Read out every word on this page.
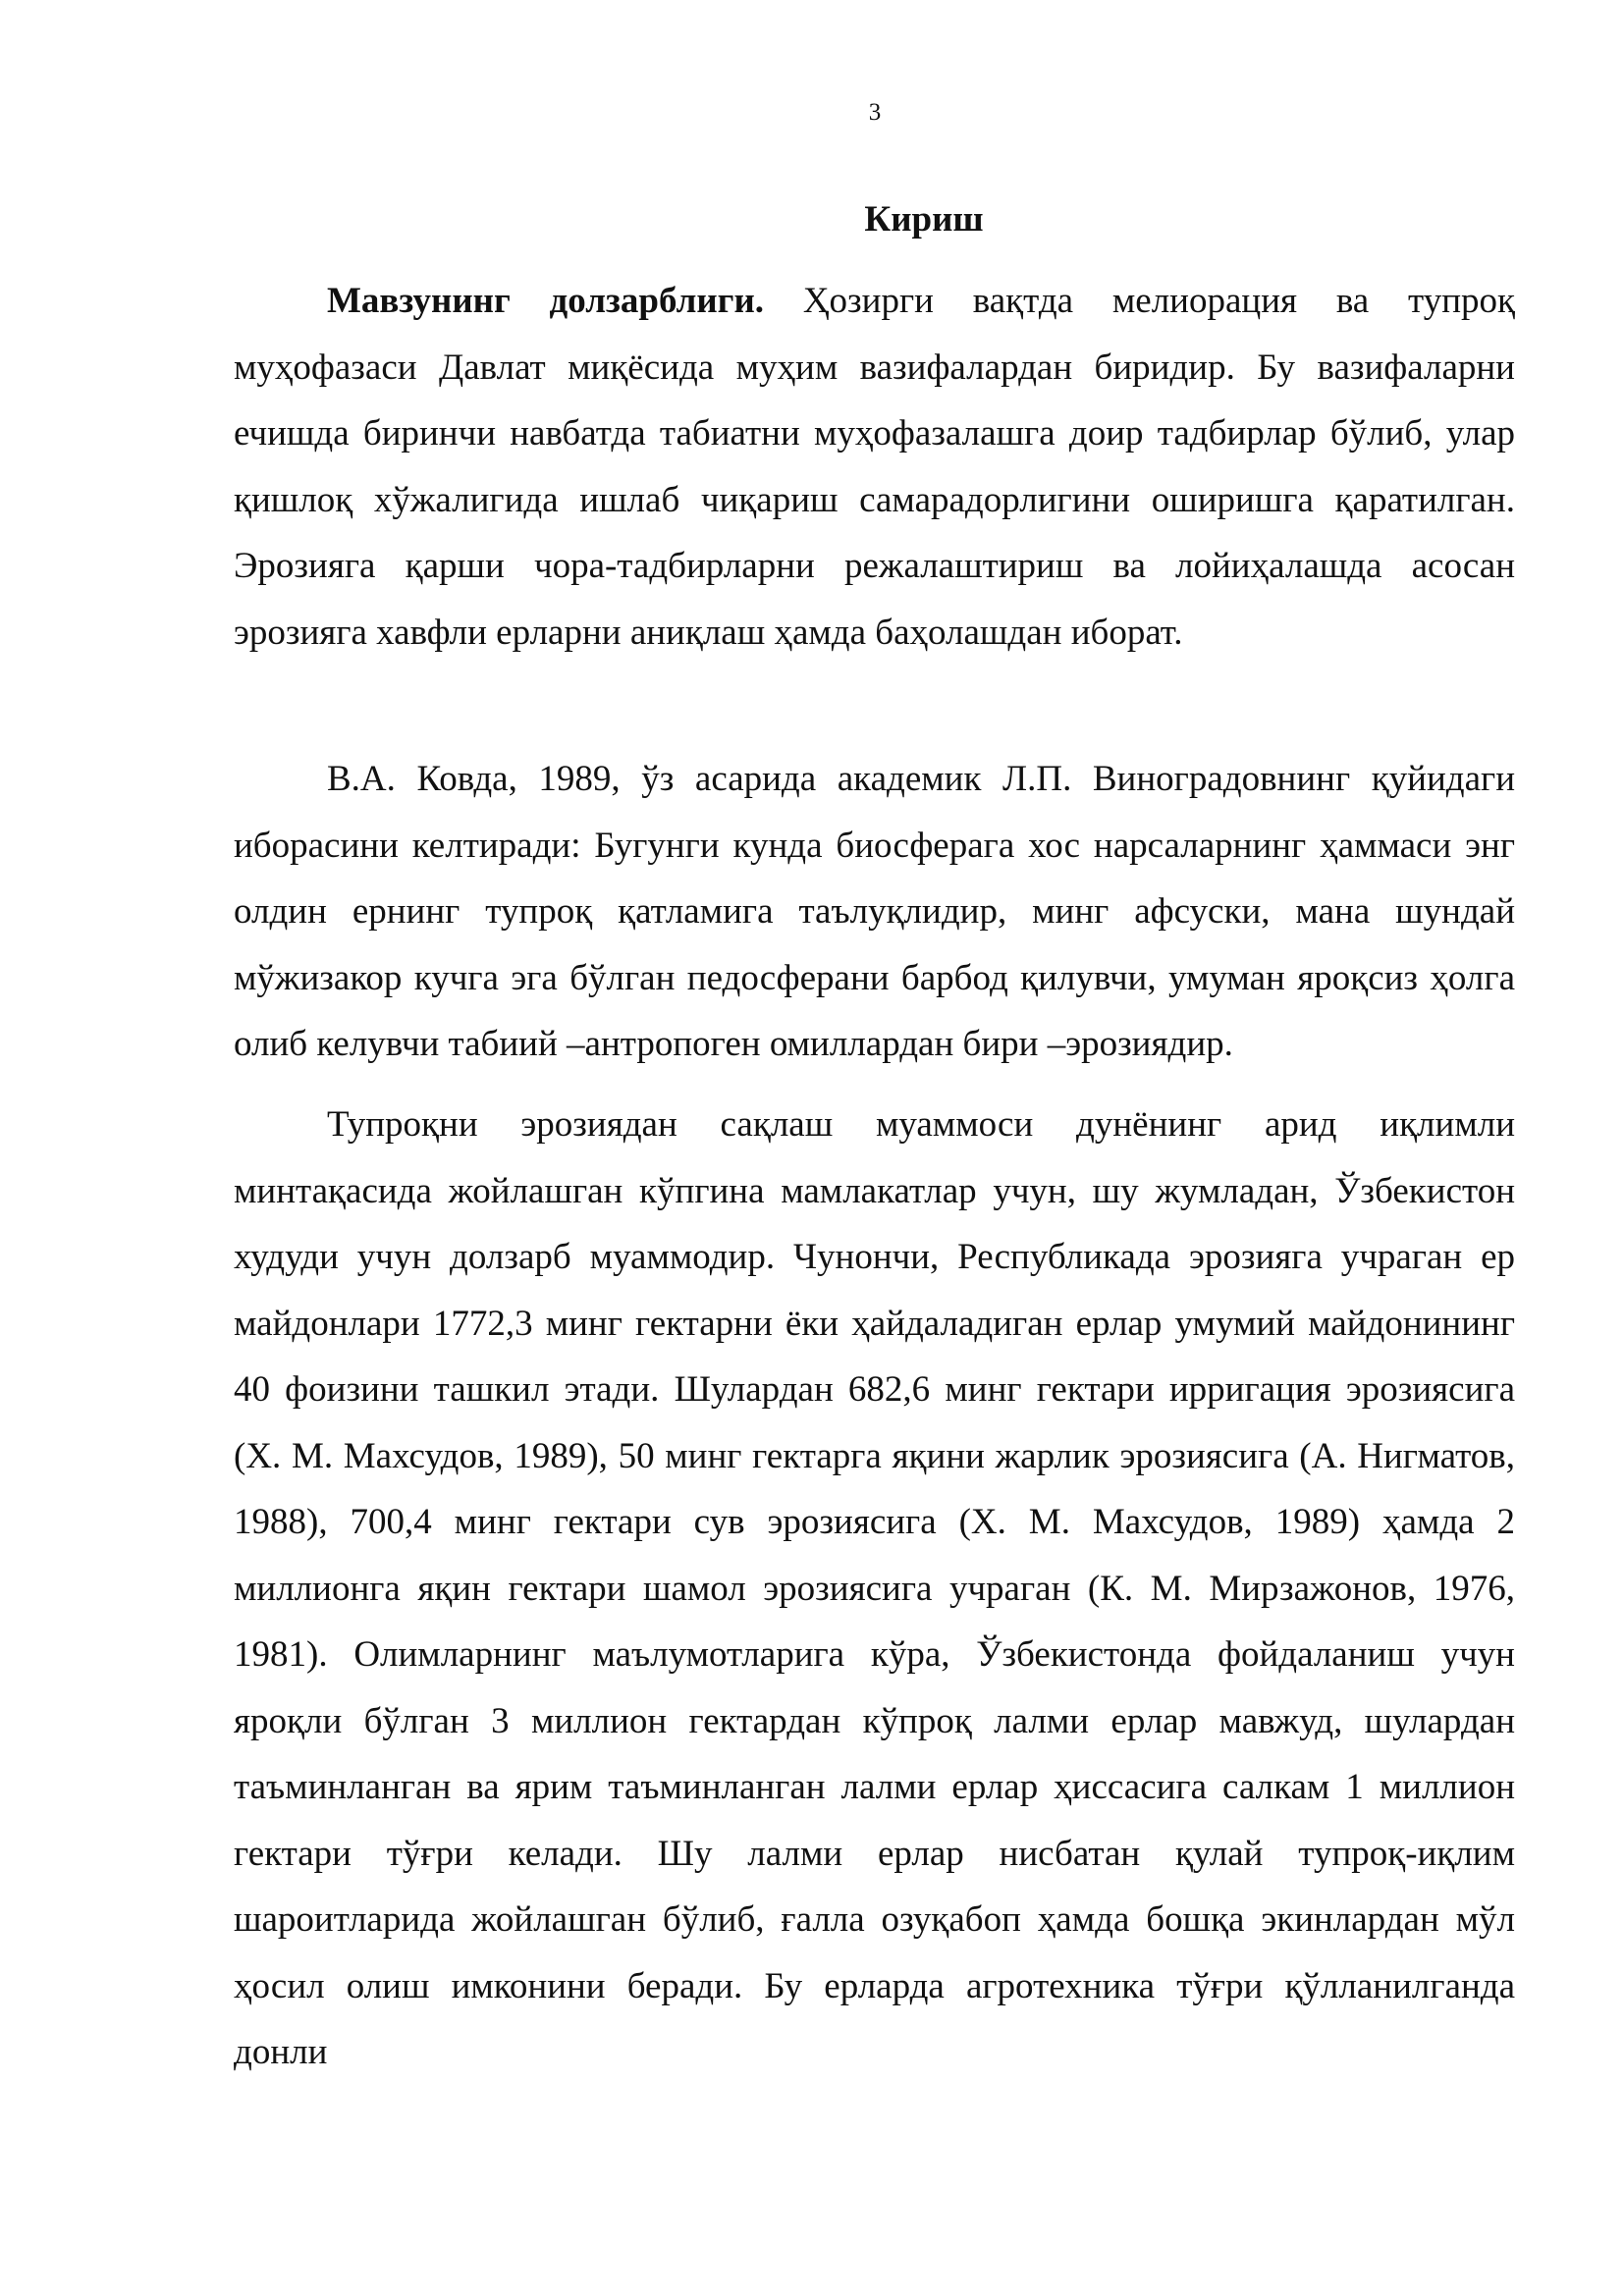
3
Кириш

Мавзунинг долзарблиги. Ҳозирги вақтда мелиорация ва тупроқ муҳофазаси Давлат миқёсида муҳим вазифалардан биридир. Бу вазифаларни ечишда биринчи навбатда табиатни муҳофазалашга доир тадбирлар бўлиб, улар қишлоқ хўжалигида ишлаб чиқариш самарадорлигини оширишга қаратилган. Эрозияга қарши чора-тадбирларни режалаштириш ва лойиҳалашда асосан эрозияга хавфли ерларни аниқлаш ҳамда баҳолашдан иборат.

В.А. Ковда, 1989, ўз асарида академик Л.П. Виноградовнинг қуйидаги иборасини келтиради: Бугунги кунда биосферага хос нарсаларнинг ҳаммаси энг олдин ернинг тупроқ қатламига таълуқлидир, минг афсуски, мана шундай мўжизакор кучга эга бўлган педосферани барбод қилувчи, умуман яроқсиз ҳолга олиб келувчи табиий –антропоген омиллардан бири –эрозиядир.

Тупроқни эрозиядан сақлаш муаммоси дунёнинг арид иқлимли минтақасида жойлашган кўпгина мамлакатлар учун, шу жумладан, Ўзбекистон худуди учун долзарб муаммодир. Чунончи, Республикада эрозияга учраган ер майдонлари 1772,3 минг гектарни ёки ҳайдаладиган ерлар умумий майдонининг 40 фоизини ташкил этади. Шулардан 682,6 минг гектари ирригация эрозиясига (Х. М. Махсудов, 1989), 50 минг гектарга яқини жарлик эрозиясига (А. Нигматов, 1988), 700,4 минг гектари сув эрозиясига (Х. М. Махсудов, 1989) ҳамда 2 миллионга яқин гектари шамол эрозиясига учраган (К. М. Мирзажонов, 1976, 1981). Олимларнинг маълумотларига кўра, Ўзбекистонда фойдаланиш учун яроқли бўлган 3 миллион гектардан кўпроқ лалми ерлар мавжуд, шулардан таъминланган ва ярим таъминланган лалми ерлар ҳиссасига салкам 1 миллион гектари тўғри келади. Шу лалми ерлар нисбатан қулай тупроқ-иқлим шароитларида жойлашган бўлиб, ғалла озуқабоп ҳамда бошқа экинлардан мўл ҳосил олиш имконини беради. Бу ерларда агротехника тўғри қўлланилганда донли
